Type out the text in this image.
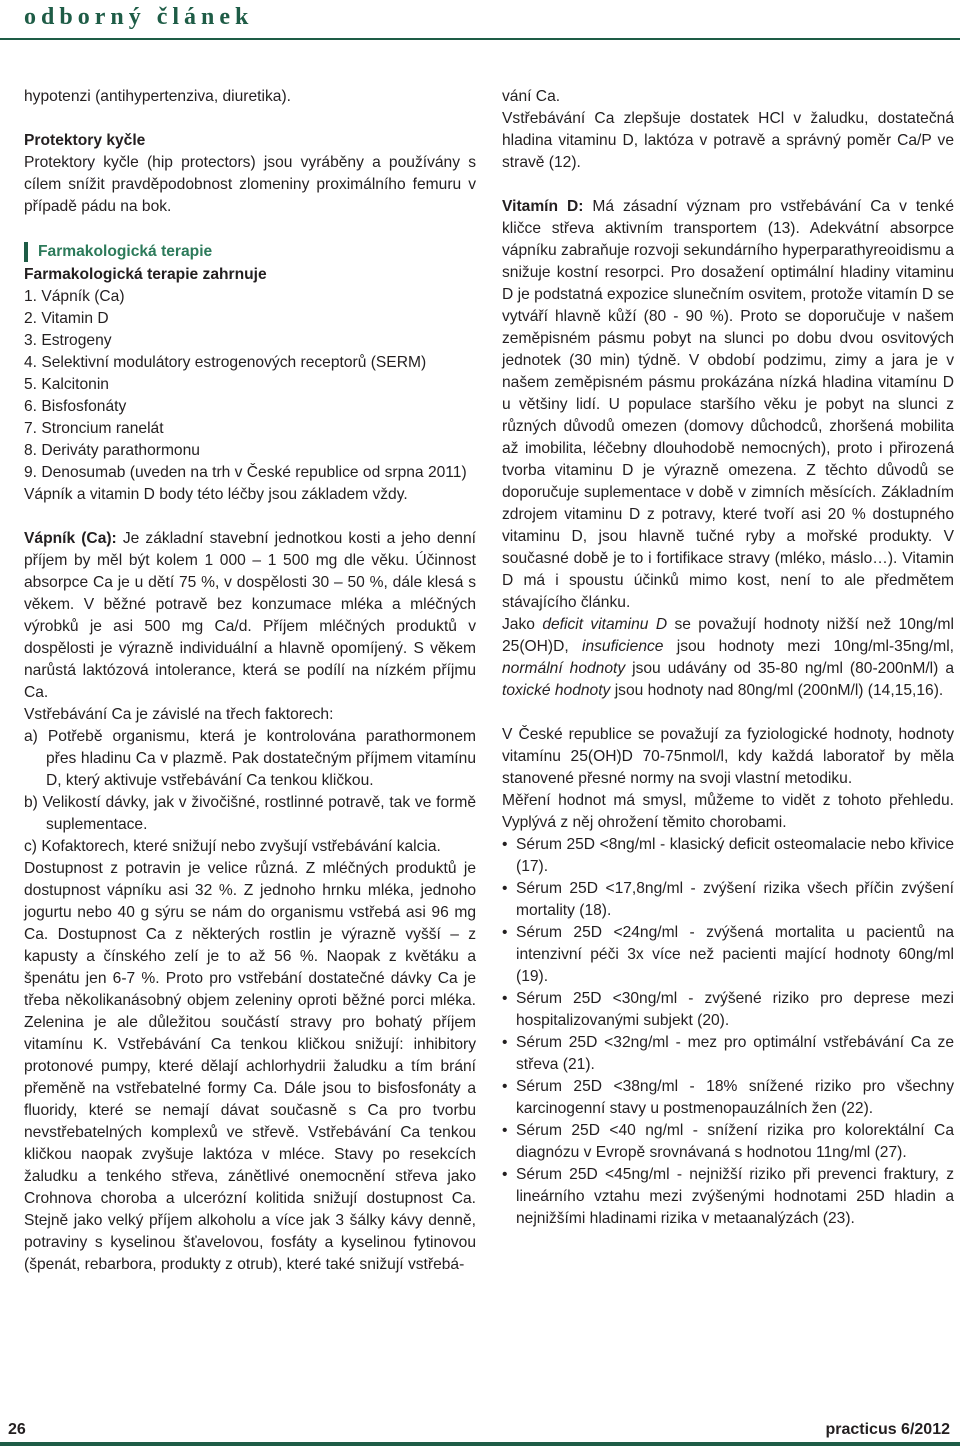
odborný článek

hypotenzi (antihypertenziva, diuretika).

Protektory kyčle

Protektory kyčle (hip protectors) jsou vyráběny a používány s cílem snížit pravděpodobnost zlomeniny proximálního femuru v případě pádu na bok.

Farmakologická terapie

Farmakologická terapie zahrnuje

1. Vápník (Ca)
2. Vitamin D
3. Estrogeny
4. Selektivní modulátory estrogenových receptorů (SERM)
5. Kalcitonin
6. Bisfosfonáty
7. Stroncium ranelát
8. Deriváty parathormonu
9. Denosumab (uveden na trh v České republice od srpna 2011)

Vápník a vitamin D body této léčby jsou základem vždy.

Vápník (Ca): Je základní stavební jednotkou kosti a jeho denní příjem by měl být kolem 1 000 – 1 500 mg dle věku. Účinnost absorpce Ca je u dětí 75 %, v dospělosti 30 – 50 %, dále klesá s věkem. V běžné potravě bez konzumace mléka a mléčných výrobků je asi 500 mg Ca/d. Příjem mléčných produktů v dospělosti je výrazně individuální a hlavně opomíjený. S věkem narůstá laktózová intolerance, která se podílí na nízkém příjmu Ca.

Vstřebávání Ca je závislé na třech faktorech:

a) Potřebě organismu, která je kontrolována parathormonem přes hladinu Ca v plazmě. Pak dostatečným příjmem vitamínu D, který aktivuje vstřebávání Ca tenkou kličkou.

b) Velikostí dávky, jak v živočišné, rostlinné potravě, tak ve formě suplementace.

c) Kofaktorech, které snižují nebo zvyšují vstřebávání kalcia.

Dostupnost z potravin je velice různá. Z mléčných produktů je dostupnost vápníku asi 32 %. Z jednoho hrnku mléka, jednoho jogurtu nebo 40 g sýru se nám do organismu vstřebá asi 96 mg Ca. Dostupnost Ca z některých rostlin je výrazně vyšší – z kapusty a čínského zelí je to až 56 %. Naopak z květáku a špenátu jen 6-7 %. Proto pro vstřebání dostatečné dávky Ca je třeba několikanásobný objem zeleniny oproti běžné porci mléka. Zelenina je ale důležitou součástí stravy pro bohatý příjem vitamínu K. Vstřebávání Ca tenkou kličkou snižují: inhibitory protonové pumpy, které dělají achlorhydrii žaludku a tím brání přeměně na vstřebatelné formy Ca. Dále jsou to bisfosfonáty a fluoridy, které se nemají dávat současně s Ca pro tvorbu nevstřebatelných komplexů ve střevě. Vstřebávání Ca tenkou kličkou naopak zvyšuje laktóza v mléce. Stavy po resekcích žaludku a tenkého střeva, zánětlivé onemocnění střeva jako Crohnova choroba a ulcerózní kolitida snižují dostupnost Ca. Stejně jako velký příjem alkoholu a více jak 3 šálky kávy denně, potraviny s kyselinou šťavelovou, fosfáty a kyselinou fytinovou (špenát, rebarbora, produkty z otrub), které také snižují vstřebá-

vání Ca.

Vstřebávání Ca zlepšuje dostatek HCl v žaludku, dostatečná hladina vitaminu D, laktóza v potravě a správný poměr Ca/P ve stravě (12).

Vitamín D: Má zásadní význam pro vstřebávání Ca v tenké kličce střeva aktivním transportem (13). Adekvátní absorpce vápníku zabraňuje rozvoji sekundárního hyperparathyreoidismu a snižuje kostní resorpci. Pro dosažení optimální hladiny vitaminu D je podstatná expozice slunečním osvitem, protože vitamín D se vytváří hlavně kůží (80 - 90 %). Proto se doporučuje v našem zeměpisném pásmu pobyt na slunci po dobu dvou osvitových jednotek (30 min) týdně. V období podzimu, zimy a jara je v našem zeměpisném pásmu prokázána nízká hladina vitamínu D u většiny lidí. U populace staršího věku je pobyt na slunci z různých důvodů omezen (domovy důchodců, zhoršená mobilita až imobilita, léčebny dlouhodobě nemocných), proto i přirozená tvorba vitaminu D je výrazně omezena. Z těchto důvodů se doporučuje suplementace v době v zimních měsících. Základním zdrojem vitaminu D z potravy, které tvoří asi 20 % dostupného vitaminu D, jsou hlavně tučné ryby a mořské produkty. V současné době je to i fortifikace stravy (mléko, máslo…). Vitamin D má i spoustu účinků mimo kost, není to ale předmětem stávajícího článku.

Jako deficit vitaminu D se považují hodnoty nižší než 10ng/ml 25(OH)D, insuficience jsou hodnoty mezi 10ng/ml-35ng/ml, normální hodnoty jsou udávány od 35-80 ng/ml (80-200nM/l) a toxické hodnoty jsou hodnoty nad 80ng/ml (200nM/l) (14,15,16).

V České republice se považují za fyziologické hodnoty, hodnoty vitamínu 25(OH)D 70-75nmol/l, kdy každá laboratoř by měla stanovené přesné normy na svoji vlastní metodiku.

Měření hodnot má smysl, můžeme to vidět z tohoto přehledu. Vyplývá z něj ohrožení těmito chorobami.

• Sérum 25D <8ng/ml - klasický deficit osteomalacie nebo křivice (17).
• Sérum 25D <17,8ng/ml - zvýšení rizika všech příčin zvýšení mortality (18).
• Sérum 25D <24ng/ml - zvýšená mortalita u pacientů na intenzivní péči 3x více než pacienti mající hodnoty 60ng/ml (19).
• Sérum 25D <30ng/ml - zvýšené riziko pro depresе mezi hospitalizovanými subjekt (20).
• Sérum 25D <32ng/ml - mez pro optimální vstřebávání Ca ze střeva (21).
• Sérum 25D <38ng/ml - 18% snížené riziko pro všechny karcinogenní stavy u postmenopauzálních žen (22).
• Sérum 25D <40 ng/ml - snížení rizika pro kolorektální Ca diagnózu v Evropě srovnávaná s hodnotou 11ng/ml (27).
• Sérum 25D <45ng/ml - nejnižší riziko při prevenci fraktury, z lineárního vztahu mezi zvýšenými hodnotami 25D hladin a nejnižšími hladinami rizika v metaanalýzách (23).
26	practicus 6/2012
